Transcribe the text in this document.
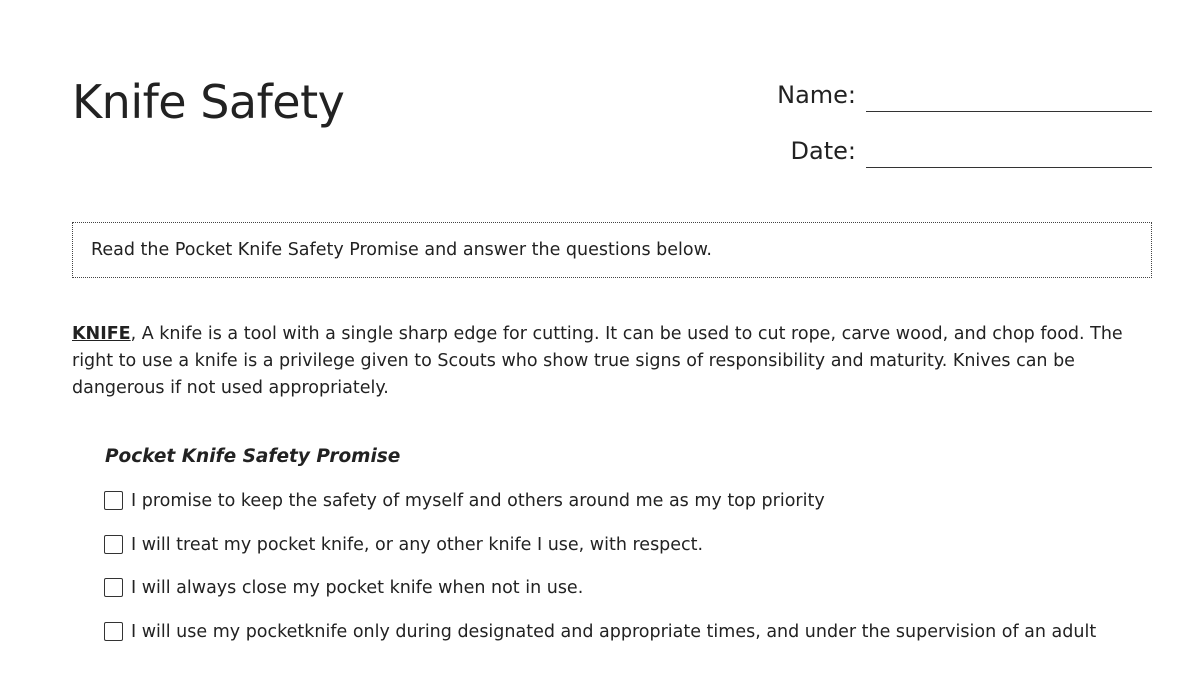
Knife Safety	Name:
Date:
Read the Pocket Knife Safety Promise and answer the questions below.

KNIFE, A knife is a tool with a single sharp edge for cutting. It can be used to cut rope, carve wood, and chop food. The right to use a knife is a privilege given to Scouts who show true signs of responsibility and maturity. Knives can be dangerous if not used appropriately.

Pocket Knife Safety Promise
I promise to keep the safety of myself and others around me as my top priority
I will treat my pocket knife, or any other knife I use, with respect.
I will always close my pocket knife when not in use.
I will use my pocketknife only during designated and appropriate times, and under the supervision of an adult
